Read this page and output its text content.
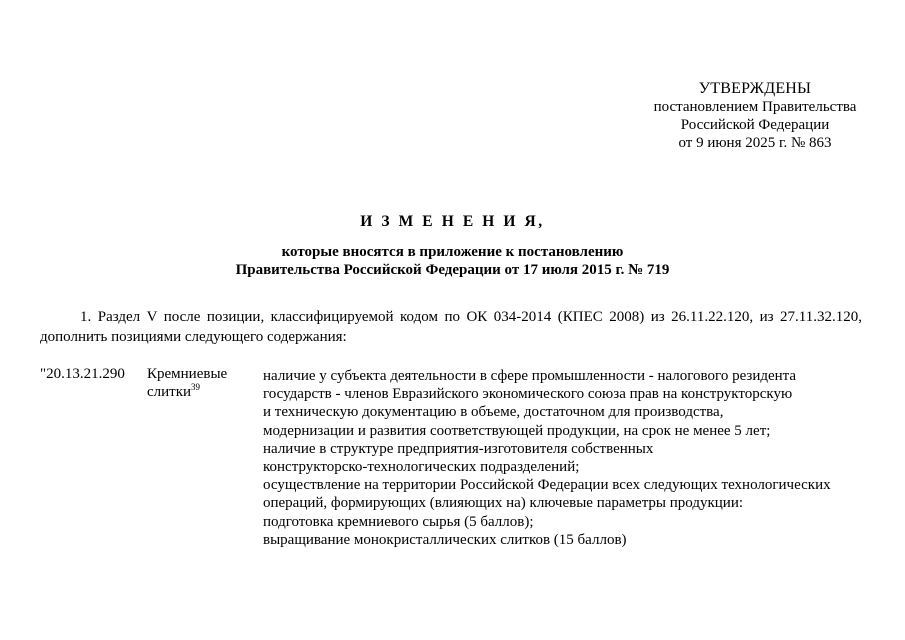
УТВЕРЖДЕНЫ
постановлением Правительства
Российской Федерации
от 9 июня 2025 г. № 863
И З М Е Н Е Н И Я,
которые вносятся в приложение к постановлению
Правительства Российской Федерации от 17 июля 2015 г. № 719
1. Раздел V после позиции, классифицируемой кодом по ОК 034-2014 (КПЕС 2008) из 26.11.22.120, из 27.11.32.120,
дополнить позициями следующего содержания:
"20.13.21.290 Кремниевые
слитки$^{39}$
наличие у субъекта деятельности в сфере промышленности - налогового резидента
государств - членов Евразийского экономического союза прав на конструкторскую
и техническую документацию в объеме, достаточном для производства,
модернизации и развития соответствующей продукции, на срок не менее 5 лет;
наличие в структуре предприятия-изготовителя собственных
конструкторско-технологических подразделений;
осуществление на территории Российской Федерации всех следующих технологических
операций, формирующих (влияющих на) ключевые параметры продукции:
подготовка кремниевого сырья (5 баллов);
выращивание монокристаллических слитков (15 баллов)
